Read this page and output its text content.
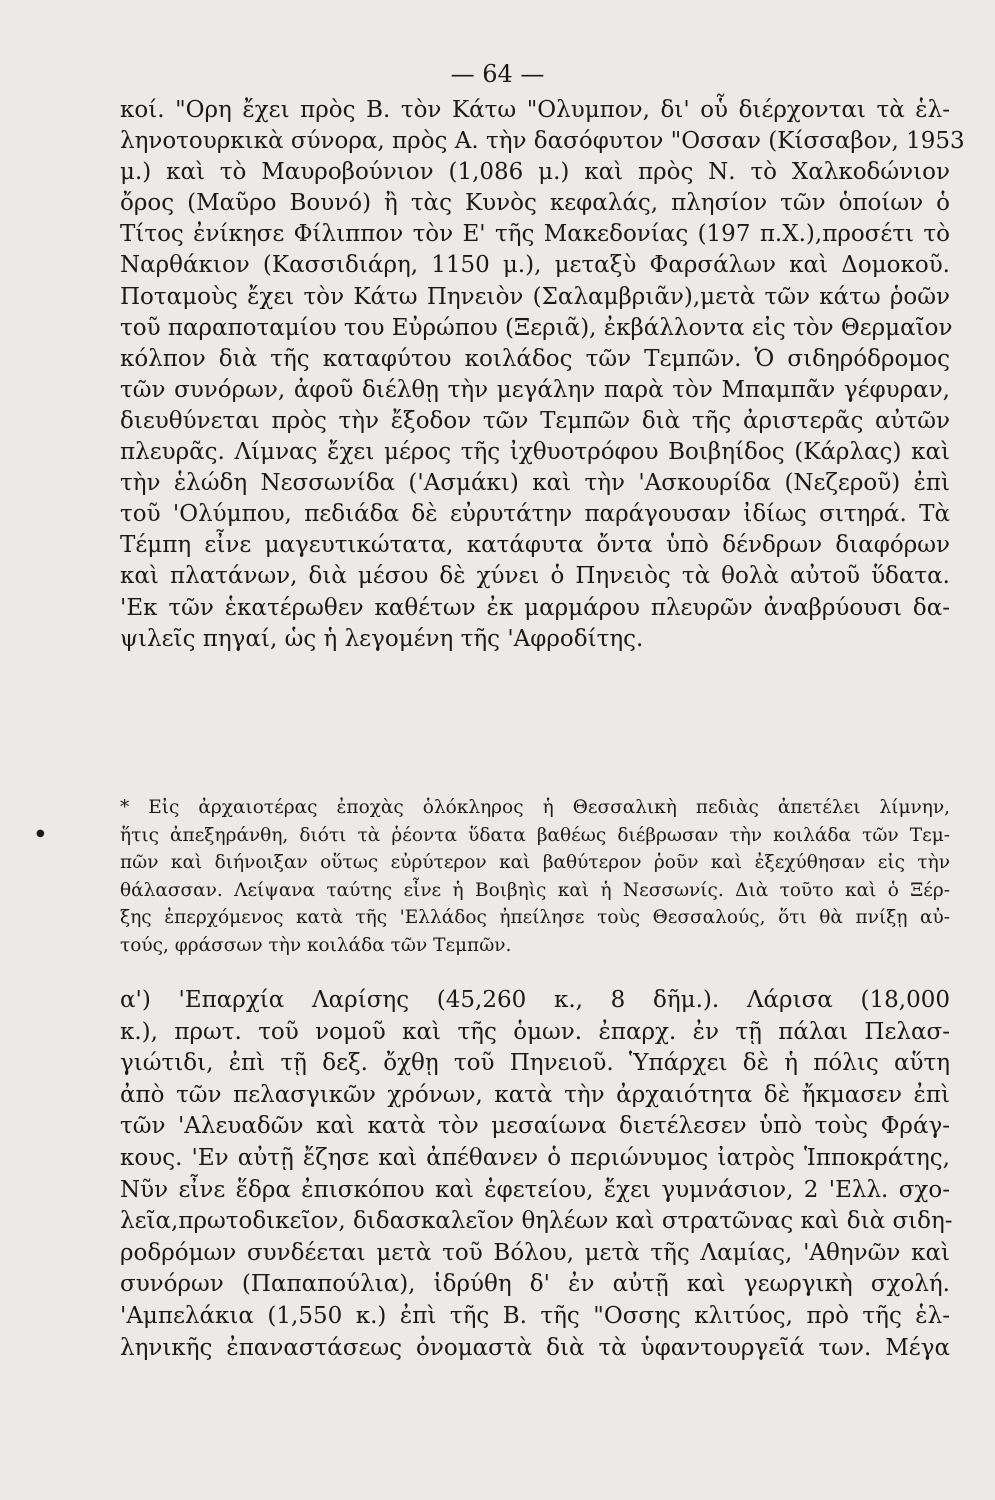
— 64 —
κοί. "Ορη ἔχει πρὸς Β. τὸν Κάτω "Ολυμπον, δι' οὗ διέρχονται τὰ ἑλ-
ληνοτουρκικὰ σύνορα, πρὸς Α. τὴν δασόφυτον "Οσσαν (Κίσσαβον, 1953
μ.) καὶ τὸ Μαυροβούνιον (1,086 μ.) καὶ πρὸς Ν. τὸ Χαλκοδώνιον
ὄρος (Μαῦρο Βουνό) ἢ τὰς Κυνὸς κεφαλάς, πλησίον τῶν ὁποίων ὁ
Τίτος ἐνίκησε Φίλιππον τὸν Ε' τῆς Μακεδονίας (197 π.Χ.),προσέτι τὸ
Ναρθάκιον (Κασσιδιάρη, 1150 μ.), μεταξὺ Φαρσάλων καὶ Δομοκοῦ.
Ποταμοὺς ἔχει τὸν Κάτω Πηνειὸν (Σαλαμβριᾶν),μετὰ τῶν κάτω ῥοῶν
τοῦ παραποταμίου του Εὐρώπου (Ξεριᾶ), ἐκβάλλοντα εἰς τὸν Θερμαῖον
κόλπον διὰ τῆς καταφύτου κοιλάδος τῶν Τεμπῶν. Ὁ σιδηρόδρομος
τῶν συνόρων, ἀφοῦ διέλθῃ τὴν μεγάλην παρὰ τὸν Μπαμπᾶν γέφυραν,
διευθύνεται πρὸς τὴν ἔξοδον τῶν Τεμπῶν διὰ τῆς ἀριστερᾶς αὐτῶν
πλευρᾶς. Λίμνας ἔχει μέρος τῆς ἰχθυοτρόφου Βοιβηίδος (Κάρλας) καὶ
τὴν ἑλώδη Νεσσωνίδα ('Ασμάκι) καὶ τὴν 'Ασκουρίδα (Νεζεροῦ) ἐπὶ
τοῦ 'Ολύμπου, πεδιάδα δὲ εὐρυτάτην παράγουσαν ἰδίως σιτηρά. Τὰ
Τέμπη εἶνε μαγευτικώτατα, κατάφυτα ὄντα ὑπὸ δένδρων διαφόρων
καὶ πλατάνων, διὰ μέσου δὲ χύνει ὁ Πηνειὸς τὰ θολὰ αὐτοῦ ὕδατα.
'Εκ τῶν ἑκατέρωθεν καθέτων ἐκ μαρμάρου πλευρῶν ἀναβρύουσι δα-
ψιλεῖς πηγαί, ὡς ἡ λεγομένη τῆς 'Αφροδίτης.
●
* Εἰς ἀρχαιοτέρας ἐποχὰς ὁλόκληρος ἡ Θεσσαλικὴ πεδιὰς ἀπετέλει λίμνην,
ἥτις ἀπεξηράνθη, διότι τὰ ῥέοντα ὕδατα βαθέως διέβρωσαν τὴν κοιλάδα τῶν Τεμ-
πῶν καὶ διήνοιξαν οὕτως εὐρύτερον καὶ βαθύτερον ῥοῦν καὶ ἐξεχύθησαν εἰς τὴν
θάλασσαν. Λείψανα ταύτης εἶνε ἡ Βοιβηὶς καὶ ἡ Νεσσωνίς. Διὰ τοῦτο καὶ ὁ Ξέρ-
ξης ἐπερχόμενος κατὰ τῆς 'Ελλάδος ἠπείλησε τοὺς Θεσσαλούς, ὅτι θὰ πνίξῃ αὐ-
τούς, φράσσων τὴν κοιλάδα τῶν Τεμπῶν.
α') 'Επαρχία Λαρίσης (45,260 κ., 8 δῆμ.). Λάρισα (18,000
κ.), πρωτ. τοῦ νομοῦ καὶ τῆς ὁμων. ἐπαρχ. ἐν τῇ πάλαι Πελασ-
γιώτιδι, ἐπὶ τῇ δεξ. ὄχθῃ τοῦ Πηνειοῦ. Ὑπάρχει δὲ ἡ πόλις αὕτη
ἀπὸ τῶν πελασγικῶν χρόνων, κατὰ τὴν ἀρχαιότητα δὲ ἤκμασεν ἐπὶ
τῶν 'Αλευαδῶν καὶ κατὰ τὸν μεσαίωνα διετέλεσεν ὑπὸ τοὺς Φράγ-
κους. 'Εν αὐτῇ ἔζησε καὶ ἀπέθανεν ὁ περιώνυμος ἰατρὸς Ἱπποκράτης,
Νῦν εἶνε ἕδρα ἐπισκόπου καὶ ἐφετείου, ἔχει γυμνάσιον, 2 'Ελλ. σχο-
λεῖα,πρωτοδικεῖον, διδασκαλεῖον θηλέων καὶ στρατῶνας καὶ διὰ σιδη-
ροδρόμων συνδέεται μετὰ τοῦ Βόλου, μετὰ τῆς Λαμίας, 'Αθηνῶν καὶ
συνόρων (Παπαπούλια), ἱδρύθη δ' ἐν αὐτῇ καὶ γεωργικὴ σχολή.
'Αμπελάκια (1,550 κ.) ἐπὶ τῆς Β. τῆς "Οσσης κλιτύος, πρὸ τῆς ἑλ-
ληνικῆς ἐπαναστάσεως ὀνομαστὰ διὰ τὰ ὑφαντουργεῖά των. Μέγα
